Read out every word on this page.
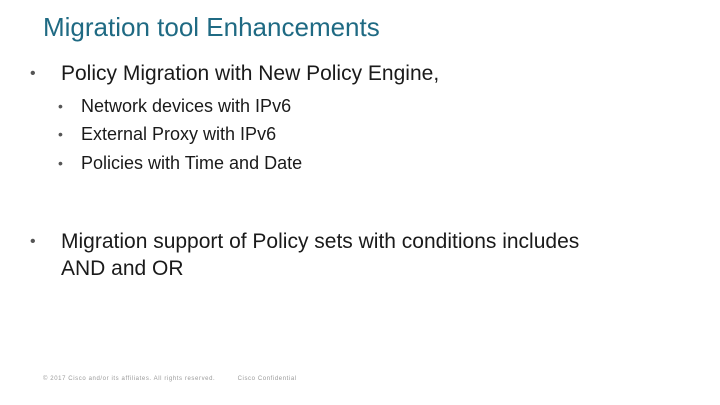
Migration tool Enhancements
• Policy Migration with New Policy Engine,
• Network devices with IPv6
• External Proxy with IPv6
• Policies with Time and Date
• Migration support of Policy sets with conditions includes
AND and OR
© 2017 Cisco and/or its affiliates. All rights reserved.	Cisco Confidential
